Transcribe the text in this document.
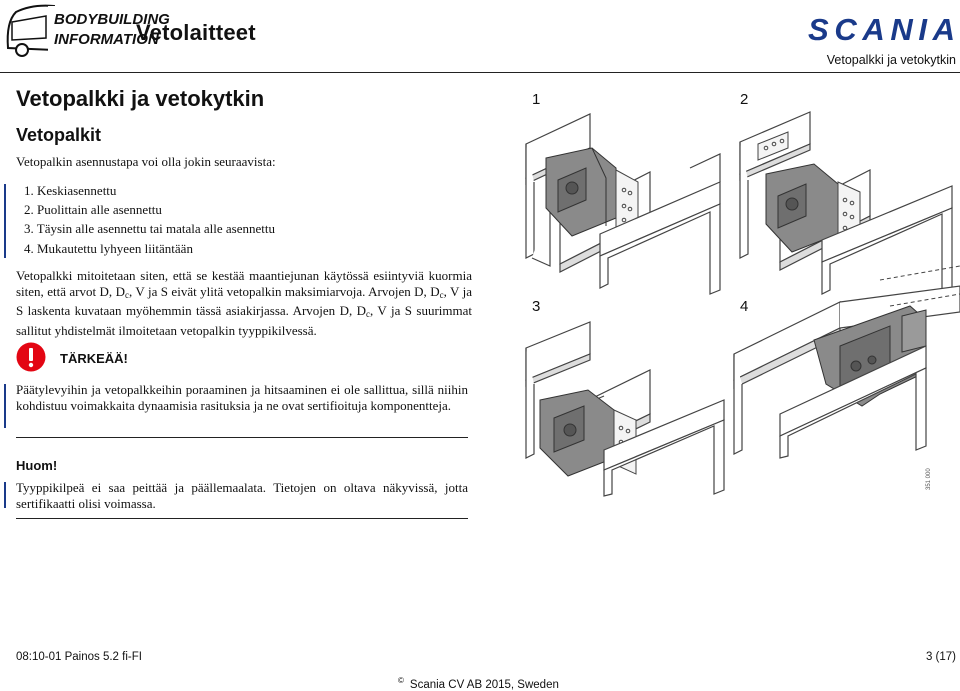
BODYBUILDING
INFORMATION
Vetolaitteet	SCANIA
Vetopalkki ja vetokytkin
Vetopalkki ja vetokytkin
Vetopalkit
Vetopalkin asennustapa voi olla jokin seuraavista:
1. Keskiasennettu
2. Puolittain alle asennettu
3. Täysin alle asennettu tai matala alle asennettu
4. Mukautettu lyhyeen liitäntään
Vetopalkki mitoitetaan siten, että se kestää maantiejunan käytössä esiintyviä kuormia siten, että arvot D, $D_c$, V ja S eivät ylitä vetopalkin maksimiarvoja. Arvojen D, $D_c$, V ja S laskenta kuvataan myöhemmin tässä asiakirjassa. Arvojen D, $D_c$, V ja S suurimmat sallitut yhdistelmät ilmoitetaan vetopalkin tyyppikilvessä.
TÄRKEÄÄ!
Päätylevyihin ja vetopalkkeihin poraaminen ja hitsaaminen ei ole sallittua, sillä niihin kohdistuu voimakkaita dynaamisia rasituksia ja ne ovat sertifioituja komponentteja.
Huom!
Tyyppikilpeä ei saa peittää ja päällemaalata. Tietojen on oltava näkyvissä, jotta sertifikaatti olisi voimassa.
1	2
3	4
351 000
08:10-01 Painos 5.2 fi-FI	3 (17)
© Scania CV AB 2015, Sweden
